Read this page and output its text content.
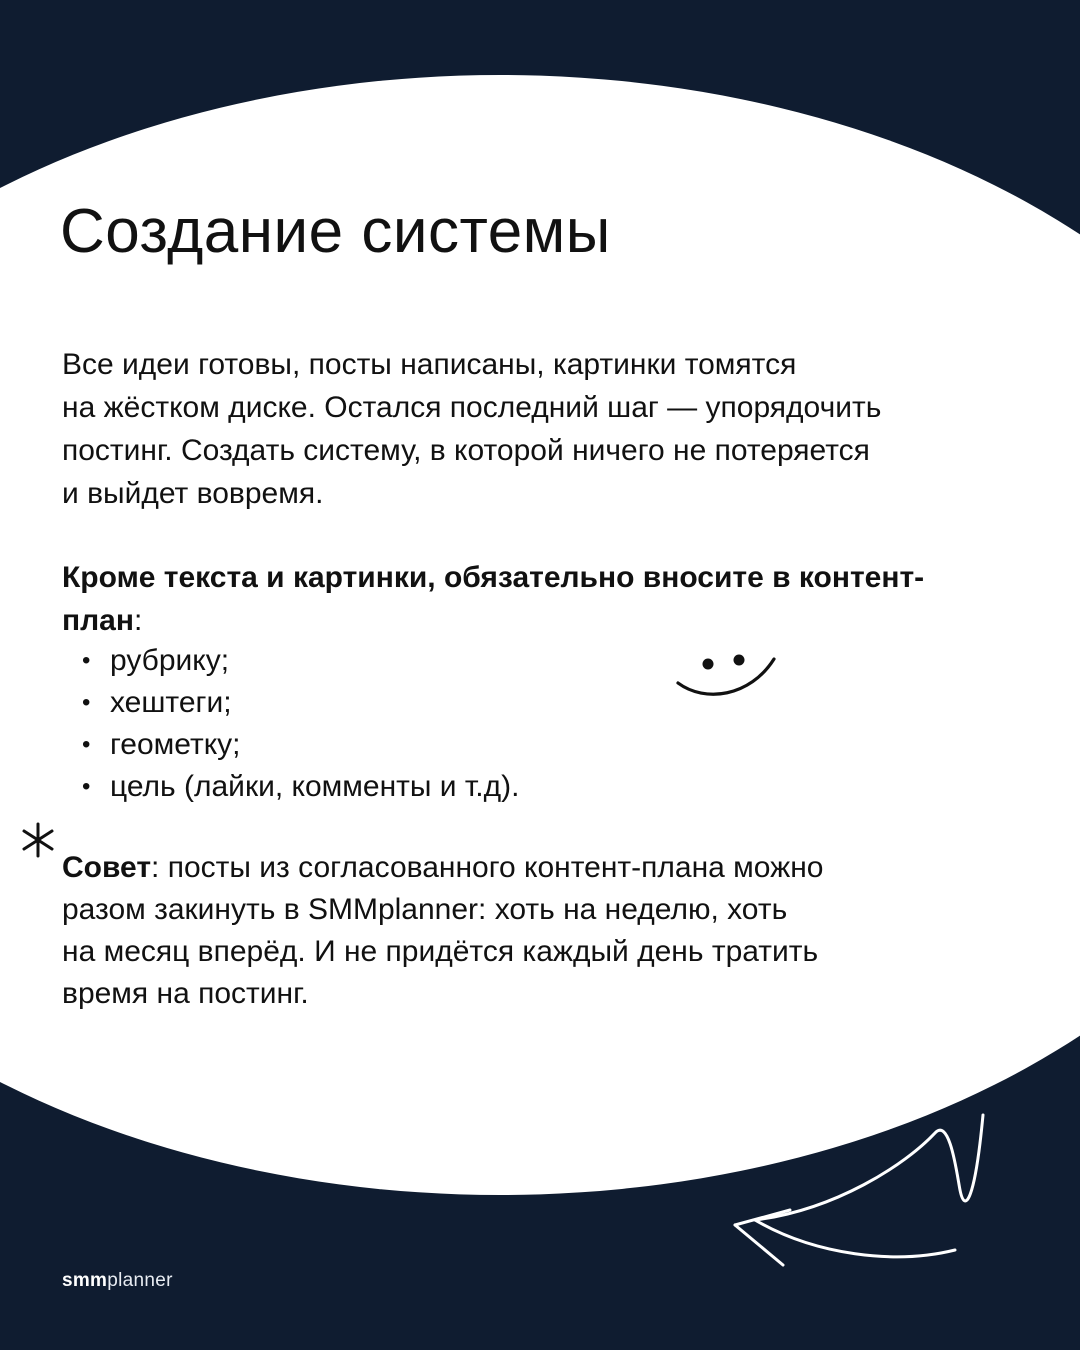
Создание системы

Все идеи готовы, посты написаны, картинки томятся
на жёстком диске. Остался последний шаг — упорядочить
постинг. Создать систему, в которой ничего не потеряется
и выйдет вовремя.

Кроме текста и картинки, обязательно вносите в контент-
план:

• рубрику;
• хештеги;
• геометку;
• цель (лайки, комменты и т.д).

Совет: посты из согласованного контент-плана можно
разом закинуть в SMMplanner: хоть на неделю, хоть
на месяц вперёд. И не придётся каждый день тратить
время на постинг.

smmplanner
